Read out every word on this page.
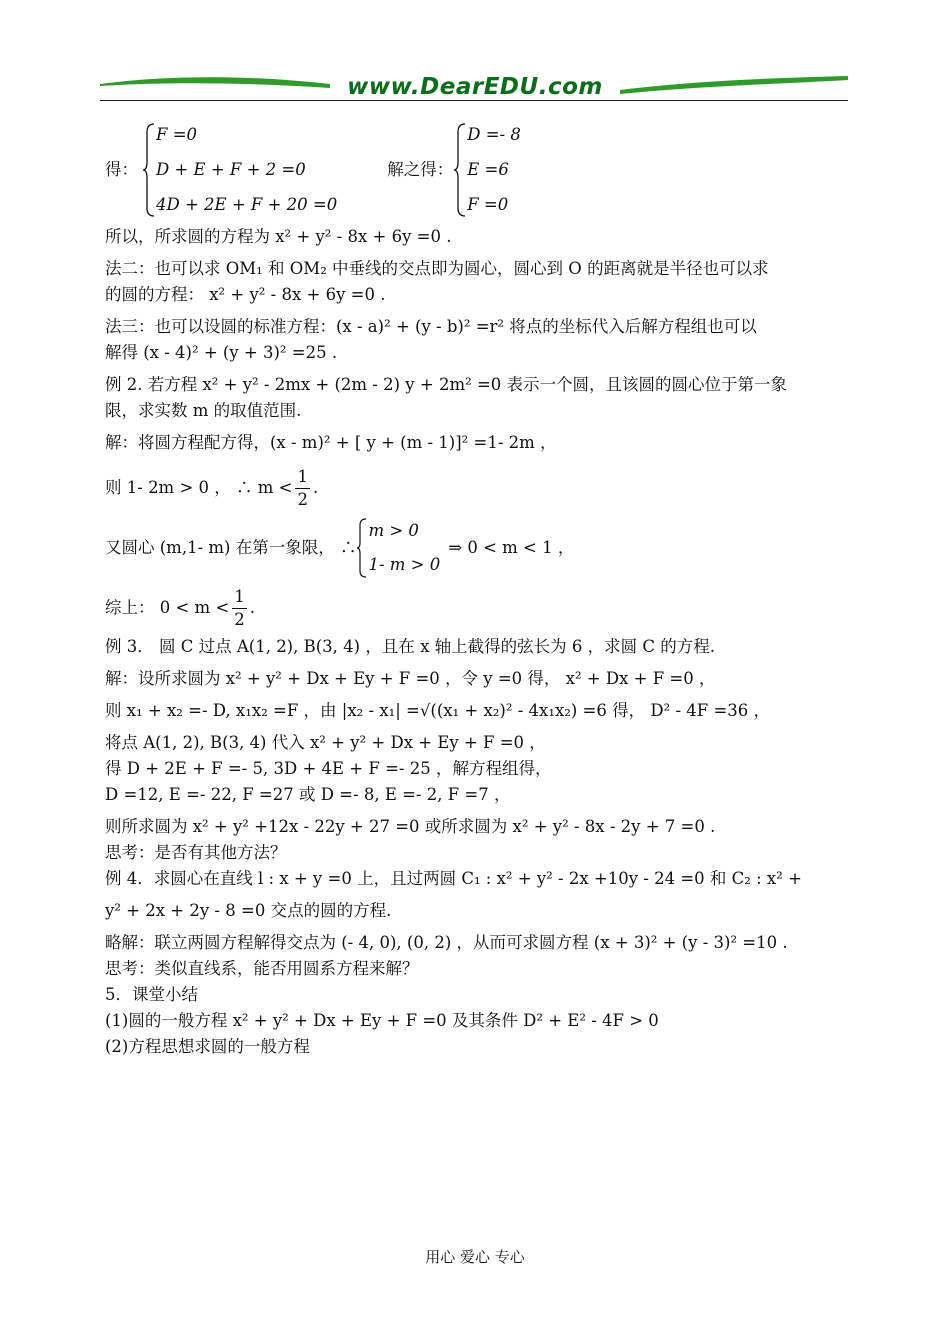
www.DearEDU.com
得：
F =0
D + E + F + 2 =0
4D + 2E + F + 20 =0
解之得：
D =- 8
E =6
F =0
所以，所求圆的方程为 x² + y² - 8x + 6y =0 .
法二：也可以求 OM₁ 和 OM₂ 中垂线的交点即为圆心，圆心到 O 的距离就是半径也可以求
的圆的方程： x² + y² - 8x + 6y =0 .
法三：也可以设圆的标准方程：(x - a)² + (y - b)² =r² 将点的坐标代入后解方程组也可以
解得 (x - 4)² + (y + 3)² =25 .
例 2. 若方程 x² + y² - 2mx + (2m - 2) y + 2m² =0 表示一个圆，且该圆的圆心位于第一象
限，求实数 m 的取值范围.
解：将圆方程配方得，(x - m)² + [ y + (m - 1)]² =1- 2m ，
则 1- 2m > 0 ， ∴ $m < \frac{1}{2}$ .
又圆心 (m,1- m) 在第一象限， ∴
m > 0
1- m > 0
⇒ 0 < m < 1 ，
综上： $0 < m < \frac{1}{2}$ .
例 3． 圆 C 过点 A(1, 2), B(3, 4) ，且在 x 轴上截得的弦长为 6 ，求圆 C 的方程.
解：设所求圆为 x² + y² + Dx + Ey + F =0 ，令 y =0 得， x² + Dx + F =0 ，
则 x₁ + x₂ =- D, x₁x₂ =F ，由 |x₂ - x₁| =√((x₁ + x₂)² - 4x₁x₂) =6 得， D² - 4F =36 ，
将点 A(1, 2), B(3, 4) 代入 x² + y² + Dx + Ey + F =0 ，
得 D + 2E + F =- 5, 3D + 4E + F =- 25 ，解方程组得，
D =12, E =- 22, F =27 或 D =- 8, E =- 2, F =7 ，
则所求圆为 x² + y² +12x - 22y + 27 =0 或所求圆为 x² + y² - 8x - 2y + 7 =0 .
思考：是否有其他方法？
例 4．求圆心在直线 l : x + y =0 上，且过两圆 C₁ : x² + y² - 2x +10y - 24 =0 和 C₂ : x² +
y² + 2x + 2y - 8 =0 交点的圆的方程.
略解：联立两圆方程解得交点为 (- 4, 0), (0, 2) ，从而可求圆方程 (x + 3)² + (y - 3)² =10 .
思考：类似直线系，能否用圆系方程来解？
5．课堂小结
(1)圆的一般方程 x² + y² + Dx + Ey + F =0 及其条件 D² + E² - 4F > 0
(2)方程思想求圆的一般方程
用心 爱心 专心
